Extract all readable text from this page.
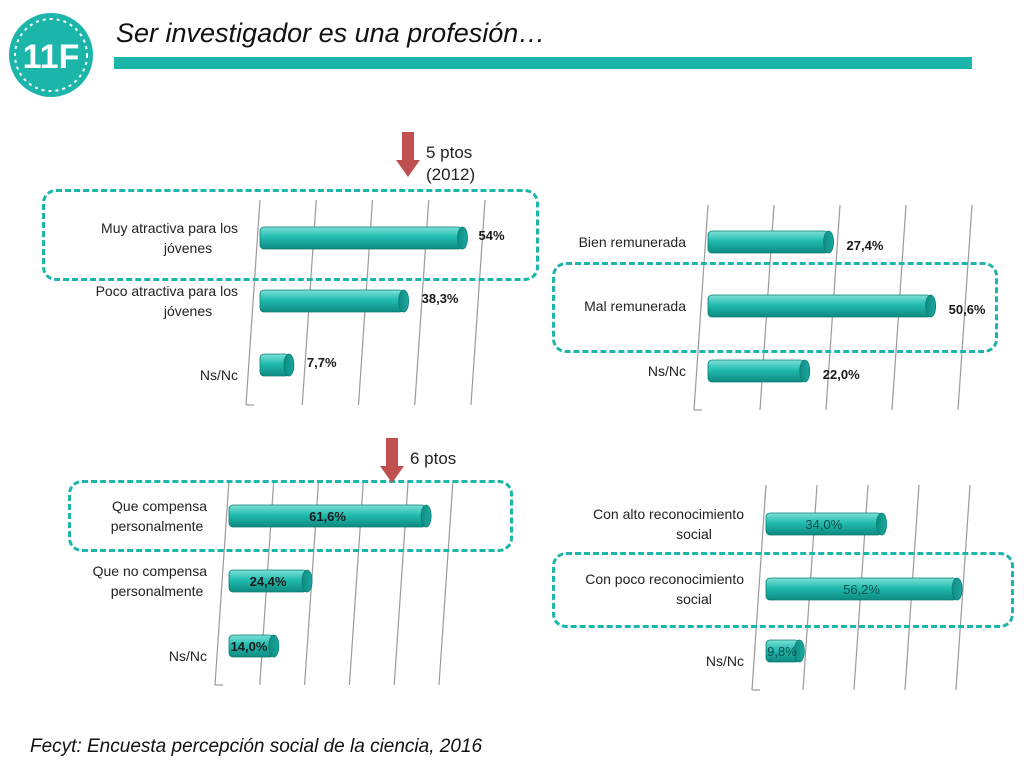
11F
Ser investigador es una profesión…
54%
Muy atractiva para los
jóvenes
38,3%
Poco atractiva para los
jóvenes
7,7%
Ns/Nc
27,4%
Bien remunerada
50,6%
Mal remunerada
22,0%
Ns/Nc
61,6%
Que compensa
personalmente
24,4%
Que no compensa
personalmente
14,0%
Ns/Nc
34,0%
Con alto reconocimiento
social
56,2%
Con poco reconocimiento
social
9,8%
Ns/Nc
5 ptos
(2012)
6 ptos
Fecyt: Encuesta percepción social de la ciencia, 2016
